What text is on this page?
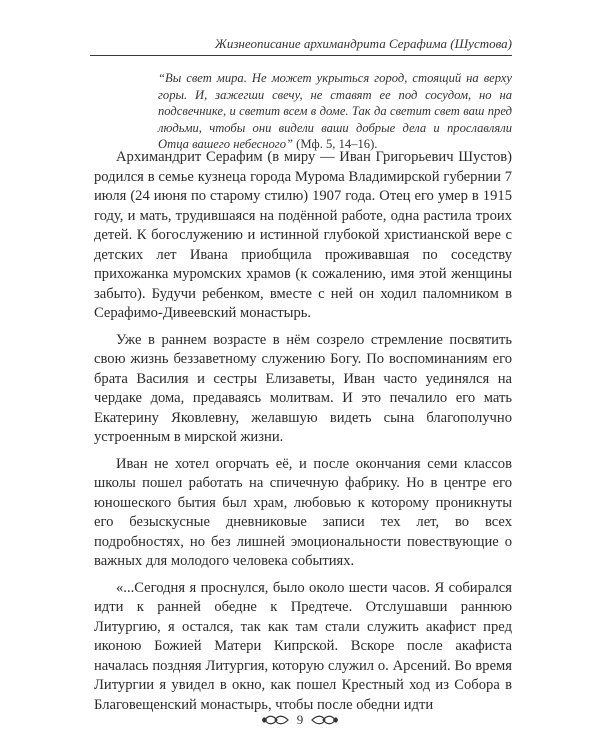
Жизнеописание архимандрита Серафима (Шустова)
“Вы свет мира. Не может укрыться город, стоящий на верху горы. И, зажегши свечу, не ставят ее под сосудом, но на подсвечнике, и светит всем в доме. Так да светит свет ваш пред людьми, чтобы они видели ваши добрые дела и прославляли Отца вашего небесного” (Мф. 5, 14–16).

Архимандрит Серафим (в миру — Иван Григорьевич Шустов) родился в семье кузнеца города Мурома Владимирской губернии 7 июля (24 июня по старому стилю) 1907 года. Отец его умер в 1915 году, и мать, трудившаяся на подённой работе, одна растила троих детей. К богослужению и истинной глубокой христианской вере с детских лет Ивана приобщила проживавшая по соседству прихожанка муромских храмов (к сожалению, имя этой женщины забыто). Будучи ребенком, вместе с ней он ходил паломником в Серафимо-Дивеевский монастырь.

Уже в раннем возрасте в нём созрело стремление посвятить свою жизнь беззаветному служению Богу. По воспоминаниям его брата Василия и сестры Елизаветы, Иван часто уединялся на чердаке дома, предаваясь молитвам. И это печалило его мать Екатерину Яковлевну, желавшую видеть сына благополучно устроенным в мирской жизни.

Иван не хотел огорчать её, и после окончания семи классов школы пошел работать на спичечную фабрику. Но в центре его юношеского бытия был храм, любовью к которому проникнуты его безыскусные дневниковые записи тех лет, во всех подробностях, но без лишней эмоциональности повествующие о важных для молодого человека событиях.

«...Сегодня я проснулся, было около шести часов. Я собирался идти к ранней обедне к Предтече. Отслушавши раннюю Литургию, я остался, так как там стали служить акафист пред иконою Божией Матери Кипрской. Вскоре после акафиста началась поздняя Литургия, которую служил о. Арсений. Во время Литургии я увидел в окно, как пошел Крестный ход из Собора в Благовещенский монастырь, чтобы после обедни идти

9
